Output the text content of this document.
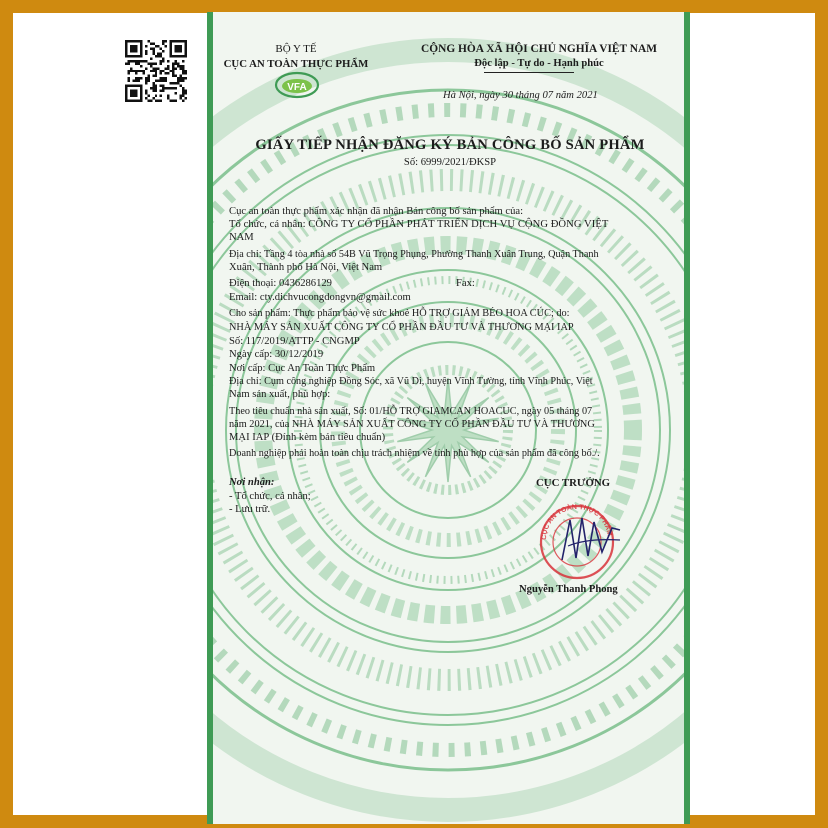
BỘ Y TẾ
CỤC AN TOÀN THỰC PHẨM
VFA
CỘNG HÒA XÃ HỘI CHỦ NGHĨA VIỆT NAM
Độc lập - Tự do - Hạnh phúc
Hà Nội, ngày 30 tháng 07 năm 2021
GIẤY TIẾP NHẬN ĐĂNG KÝ BẢN CÔNG BỐ SẢN PHẨM
Số: 6999/2021/ĐKSP
Cục an toàn thực phẩm xác nhận đã nhận Bản công bố sản phẩm của:
Tổ chức, cá nhân: CÔNG TY CỔ PHẦN PHÁT TRIỂN DỊCH VỤ CỘNG ĐỒNG VIỆT
NAM
Địa chỉ: Tầng 4 tòa nhà số 54B Vũ Trọng Phụng, Phường Thanh Xuân Trung, Quận Thanh
Xuân, Thành phố Hà Nội, Việt Nam
Điện thoại: 0436286129	Fax:
Email: cty.dichvucongdongvn@gmail.com
Cho sản phẩm: Thực phẩm bảo vệ sức khoẻ HỖ TRỢ GIẢM BÉO HOA CÚC; do:
NHÀ MÁY SẢN XUẤT CÔNG TY CỔ PHẦN ĐẦU TƯ VÀ THƯƠNG MẠI IAP
Số: 117/2019/ATTP - CNGMP
Ngày cấp: 30/12/2019
Nơi cấp: Cục An Toàn Thực Phẩm
Địa chỉ: Cụm công nghiệp Đồng Sóc, xã Vũ Di, huyện Vĩnh Tường, tỉnh Vĩnh Phúc, Việt
Nam sản xuất, phù hợp:
Theo tiêu chuẩn nhà sản xuất, Số: 01/HỖ TRỢ GIAMCAN HOACUC, ngày 05 tháng 07
năm 2021, của NHÀ MÁY SẢN XUẤT CÔNG TY CỔ PHẦN ĐẦU TƯ VÀ THƯƠNG
MẠI IAP (Đính kèm bản tiêu chuẩn)
Doanh nghiệp phải hoàn toàn chịu trách nhiệm về tính phù hợp của sản phẩm đã công bố./.
Nơi nhận:
- Tổ chức, cá nhân;
- Lưu trữ.
CỤC TRƯỞNG
CỤC AN TOÀN THỰC PHẨM
Nguyễn Thanh Phong
